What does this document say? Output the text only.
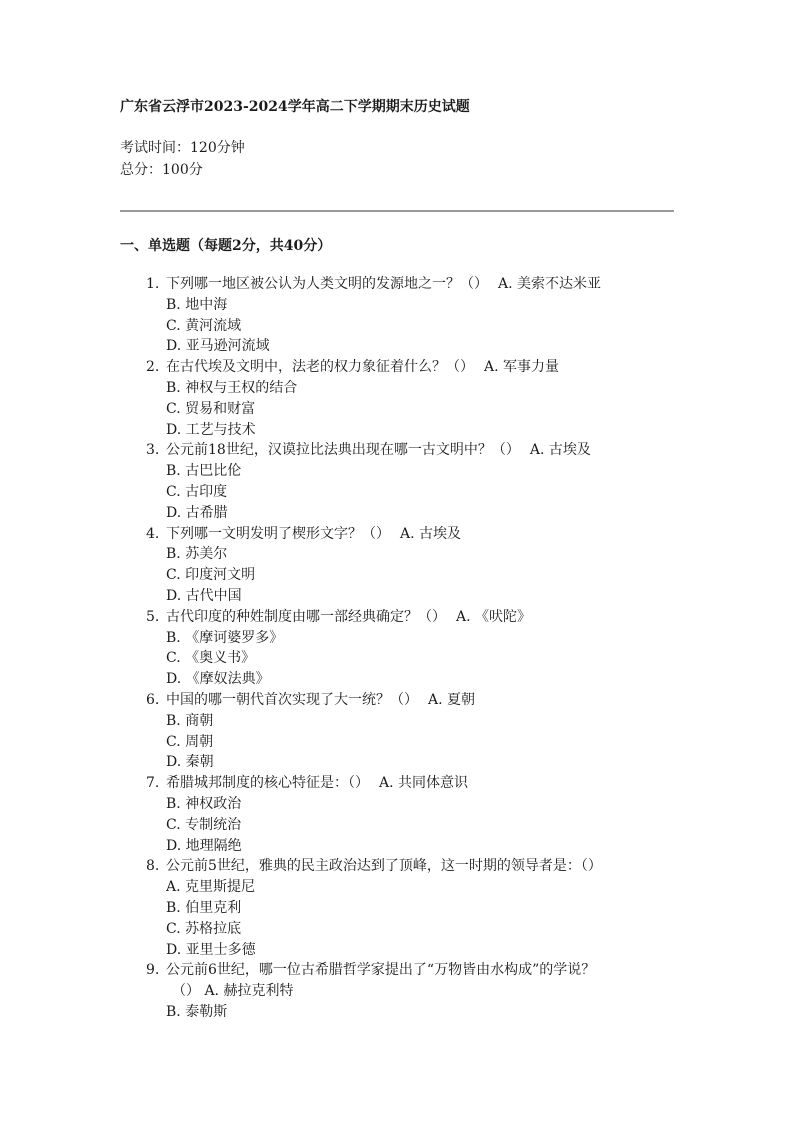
广东省云浮市2023-2024学年高二下学期期末历史试题
考试时间：120分钟
总分：100分
一、单选题（每题2分，共40分）
1. 下列哪一地区被公认为人类文明的发源地之一？（） A. 美索不达米亚
B. 地中海
C. 黄河流域
D. 亚马逊河流域
2. 在古代埃及文明中，法老的权力象征着什么？（） A. 军事力量
B. 神权与王权的结合
C. 贸易和财富
D. 工艺与技术
3. 公元前18世纪，汉谟拉比法典出现在哪一古文明中？（） A. 古埃及
B. 古巴比伦
C. 古印度
D. 古希腊
4. 下列哪一文明发明了楔形文字？（） A. 古埃及
B. 苏美尔
C. 印度河文明
D. 古代中国
5. 古代印度的种姓制度由哪一部经典确定？（） A. 《吠陀》
B. 《摩诃婆罗多》
C. 《奥义书》
D. 《摩奴法典》
6. 中国的哪一朝代首次实现了大一统？（） A. 夏朝
B. 商朝
C. 周朝
D. 秦朝
7. 希腊城邦制度的核心特征是：（） A. 共同体意识
B. 神权政治
C. 专制统治
D. 地理隔绝
8. 公元前5世纪，雅典的民主政治达到了顶峰，这一时期的领导者是：（）
A. 克里斯提尼
B. 伯里克利
C. 苏格拉底
D. 亚里士多德
9. 公元前6世纪，哪一位古希腊哲学家提出了“万物皆由水构成”的学说？
（） A. 赫拉克利特
B. 泰勒斯
